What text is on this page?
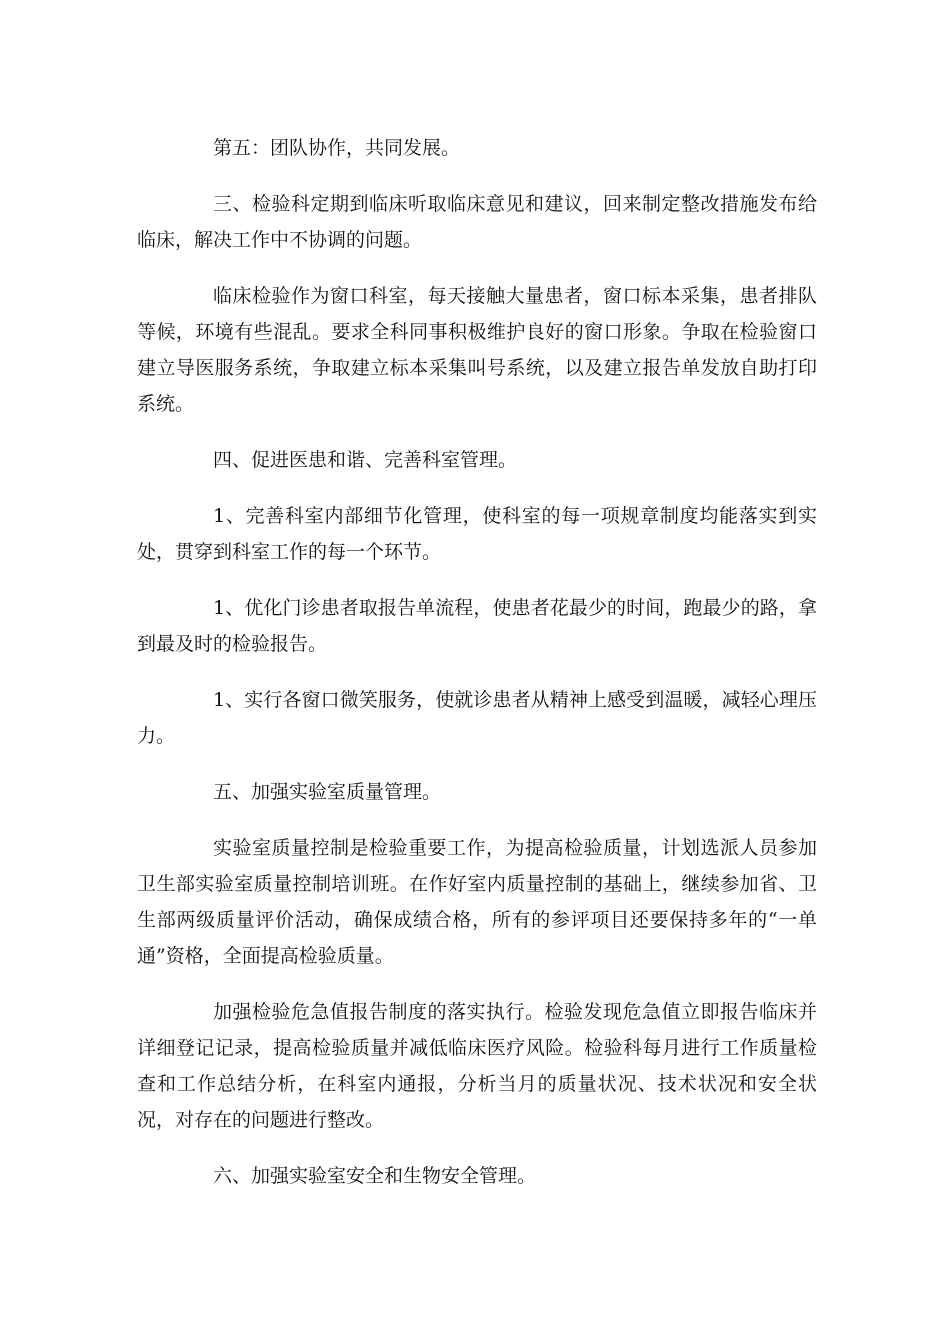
第五：团队协作，共同发展。

三、检验科定期到临床听取临床意见和建议，回来制定整改措施发布给临床，解决工作中不协调的问题。

临床检验作为窗口科室，每天接触大量患者，窗口标本采集，患者排队等候，环境有些混乱。要求全科同事积极维护良好的窗口形象。争取在检验窗口建立导医服务系统，争取建立标本采集叫号系统，以及建立报告单发放自助打印系统。

四、促进医患和谐、完善科室管理。

1、完善科室内部细节化管理，使科室的每一项规章制度均能落实到实处，贯穿到科室工作的每一个环节。

1、优化门诊患者取报告单流程，使患者花最少的时间，跑最少的路，拿到最及时的检验报告。

1、实行各窗口微笑服务，使就诊患者从精神上感受到温暖，减轻心理压力。

五、加强实验室质量管理。

实验室质量控制是检验重要工作，为提高检验质量，计划选派人员参加卫生部实验室质量控制培训班。在作好室内质量控制的基础上，继续参加省、卫生部两级质量评价活动，确保成绩合格，所有的参评项目还要保持多年的“一单通”资格，全面提高检验质量。

加强检验危急值报告制度的落实执行。检验发现危急值立即报告临床并详细登记记录，提高检验质量并减低临床医疗风险。检验科每月进行工作质量检查和工作总结分析，在科室内通报，分析当月的质量状况、技术状况和安全状况，对存在的问题进行整改。

六、加强实验室安全和生物安全管理。
